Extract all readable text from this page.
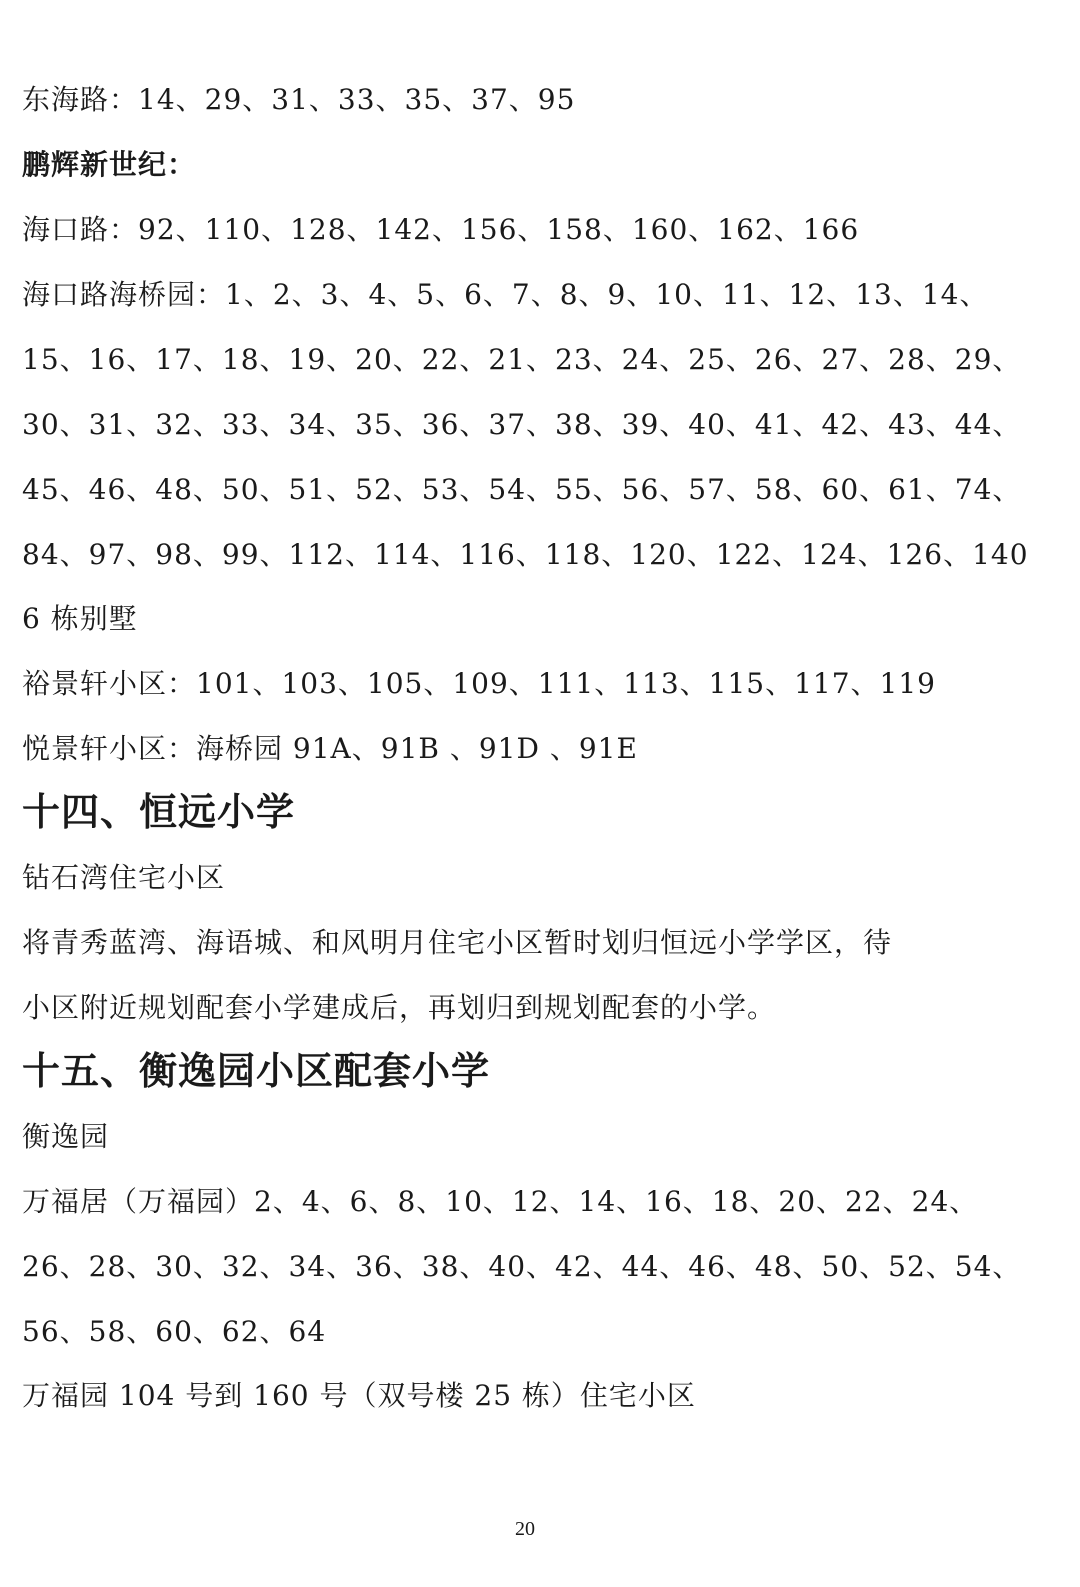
东海路：14、29、31、33、35、37、95
鹏辉新世纪：
海口路：92、110、128、142、156、158、160、162、166
海口路海桥园：1、2、3、4、5、6、7、8、9、10、11、12、13、14、
15、16、17、18、19、20、22、21、23、24、25、26、27、28、29、
30、31、32、33、34、35、36、37、38、39、40、41、42、43、44、
45、46、48、50、51、52、53、54、55、56、57、58、60、61、74、
84、97、98、99、112、114、116、118、120、122、124、126、140
6 栋别墅
裕景轩小区：101、103、105、109、111、113、115、117、119
悦景轩小区：海桥园 91A、91B 、91D 、91E
十四、恒远小学
钻石湾住宅小区
将青秀蓝湾、海语城、和风明月住宅小区暂时划归恒远小学学区，待
小区附近规划配套小学建成后，再划归到规划配套的小学。
十五、衡逸园小区配套小学
衡逸园
万福居（万福园）2、4、6、8、10、12、14、16、18、20、22、24、
26、28、30、32、34、36、38、40、42、44、46、48、50、52、54、
56、58、60、62、64
万福园 104 号到 160 号（双号楼 25 栋）住宅小区
20
